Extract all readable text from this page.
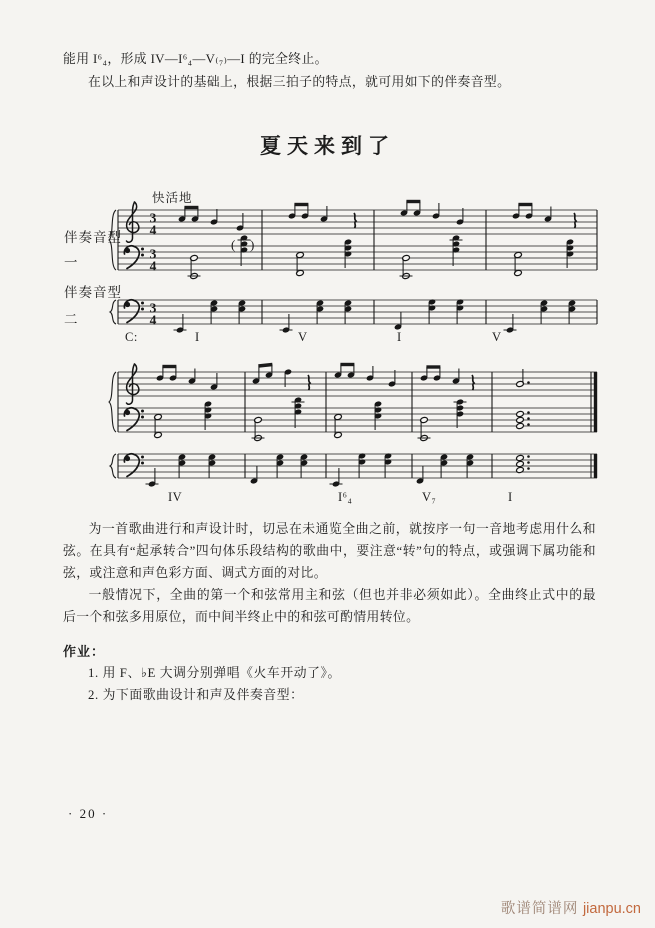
能用 I⁶₄，形成 IV—I⁶₄—V₍₇₎—I 的完全终止。
在以上和声设计的基础上，根据三拍子的特点，就可用如下的伴奏音型。
夏天来到了
快活地
伴奏音型
一
伴奏音型
二
3
4
3
4
3
4
( )
C:	I	V	I	V
IV	I⁶₄	V₇	I
为一首歌曲进行和声设计时，切忌在未通览全曲之前，就按序一句一音地考虑用什么和弦。在具有“起承转合”四句体乐段结构的歌曲中，要注意“转”句的特点，或强调下属功能和弦，或注意和声色彩方面、调式方面的对比。
一般情况下，全曲的第一个和弦常用主和弦（但也并非必须如此）。全曲终止式中的最后一个和弦多用原位，而中间半终止中的和弦可酌情用转位。
作业：
1. 用 F、♭E 大调分别弹唱《火车开动了》。
2. 为下面歌曲设计和声及伴奏音型：
· 20 ·
歌谱简谱网 jianpu.cn
